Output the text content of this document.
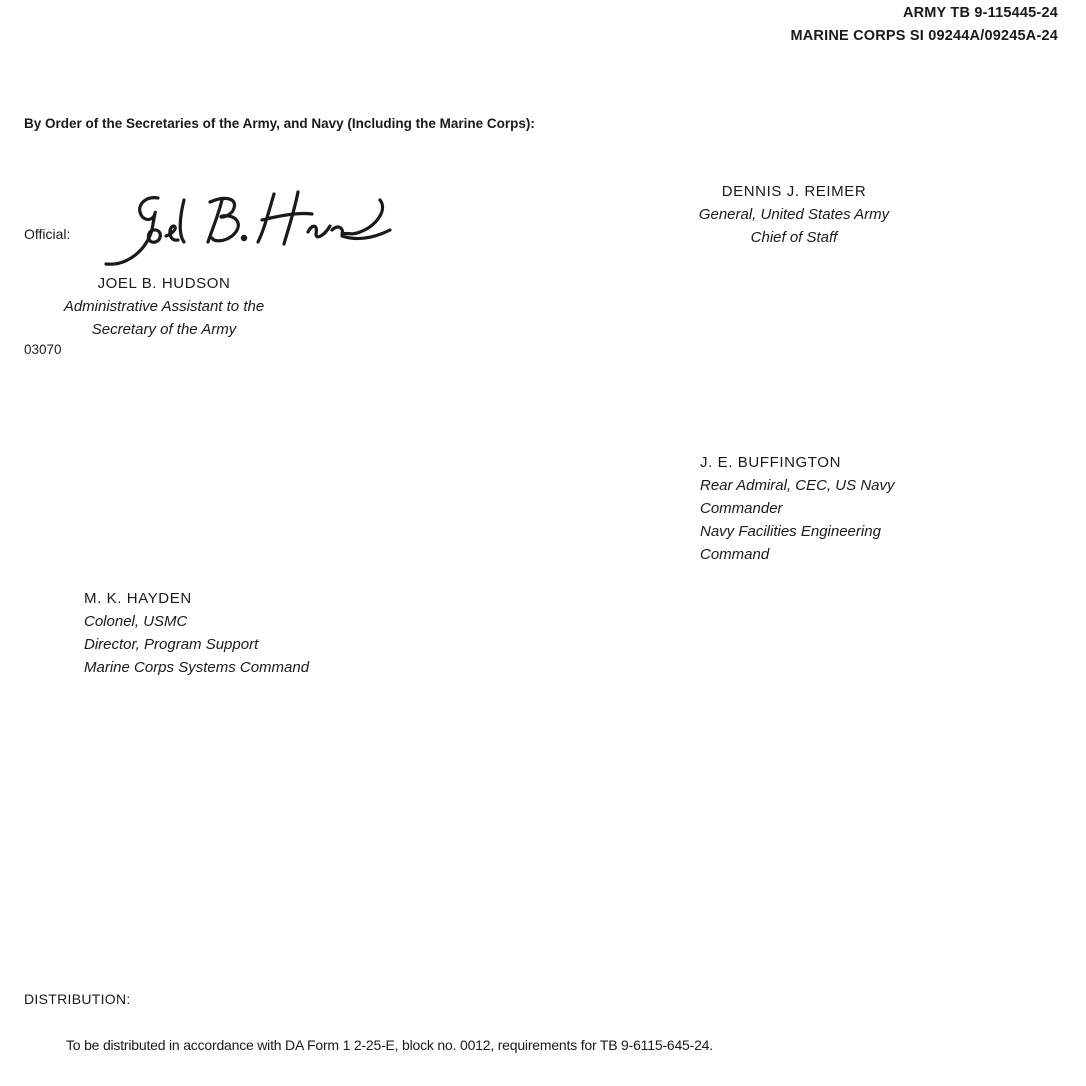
ARMY TB 9-115445-24
MARINE CORPS SI 09244A/09245A-24
By Order of the Secretaries of the Army, and Navy (Including the Marine Corps):
Official:
JOEL B. HUDSON
Administrative Assistant to the
Secretary of the Army
03070
DENNIS J. REIMER
General, United States Army
Chief of Staff
J. E. BUFFINGTON
Rear Admiral, CEC, US Navy
Commander
Navy Facilities Engineering
Command
M. K. HAYDEN
Colonel, USMC
Director, Program Support
Marine Corps Systems Command
DISTRIBUTION:
To be distributed in accordance with DA Form 1 2-25-E, block no. 0012, requirements for TB 9-6115-645-24.
